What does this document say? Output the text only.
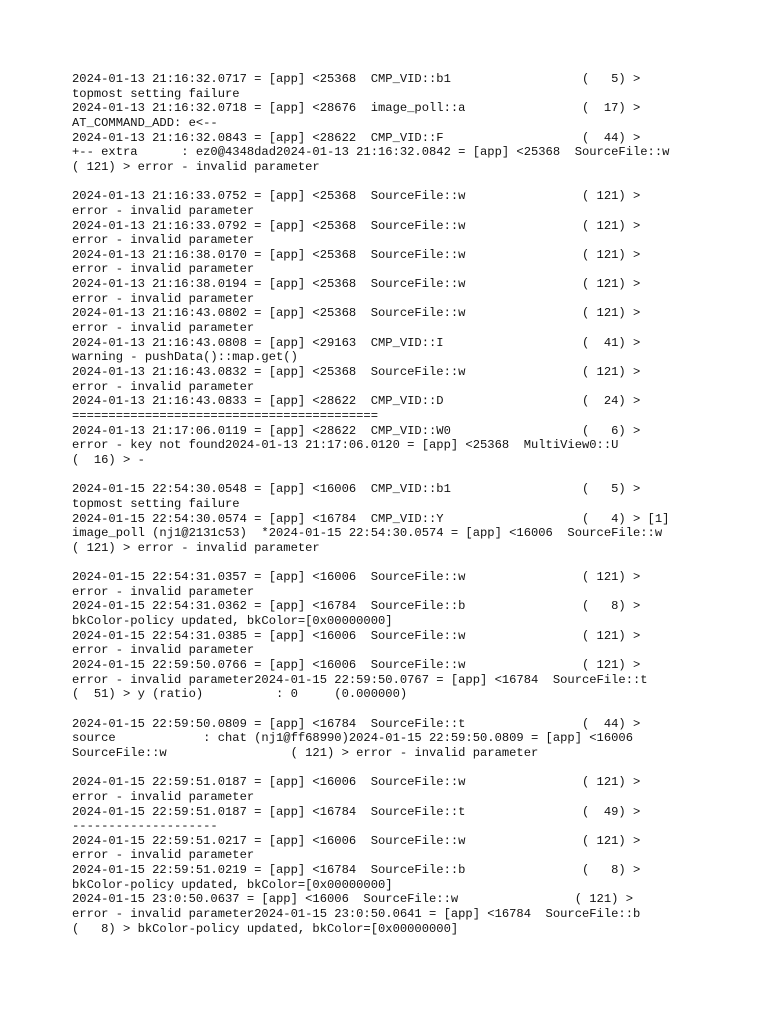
2024-01-13 21:16:32.0717 = [app] <25368  CMP_VID::b1                  (   5) >
topmost setting failure
2024-01-13 21:16:32.0718 = [app] <28676  image_poll::a                (  17) >
AT_COMMAND_ADD: e<--
2024-01-13 21:16:32.0843 = [app] <28622  CMP_VID::F                   (  44) >
+-- extra      : ez0@4348dad2024-01-13 21:16:32.0842 = [app] <25368  SourceFile::w
( 121) > error - invalid parameter
2024-01-13 21:16:33.0752 = [app] <25368  SourceFile::w                ( 121) >
error - invalid parameter
2024-01-13 21:16:33.0792 = [app] <25368  SourceFile::w                ( 121) >
error - invalid parameter
2024-01-13 21:16:38.0170 = [app] <25368  SourceFile::w                ( 121) >
error - invalid parameter
2024-01-13 21:16:38.0194 = [app] <25368  SourceFile::w                ( 121) >
error - invalid parameter
2024-01-13 21:16:43.0802 = [app] <25368  SourceFile::w                ( 121) >
error - invalid parameter
2024-01-13 21:16:43.0808 = [app] <29163  CMP_VID::I                   (  41) >
warning - pushData()::map.get()
2024-01-13 21:16:43.0832 = [app] <25368  SourceFile::w                ( 121) >
error - invalid parameter
2024-01-13 21:16:43.0833 = [app] <28622  CMP_VID::D                   (  24) >
==========================================
2024-01-13 21:17:06.0119 = [app] <28622  CMP_VID::W0                  (   6) >
error - key not found2024-01-13 21:17:06.0120 = [app] <25368  MultiView0::U
(  16) > -
2024-01-15 22:54:30.0548 = [app] <16006  CMP_VID::b1                  (   5) >
topmost setting failure
2024-01-15 22:54:30.0574 = [app] <16784  CMP_VID::Y                   (   4) > [1]
image_poll (nj1@2131c53)  *2024-01-15 22:54:30.0574 = [app] <16006  SourceFile::w
( 121) > error - invalid parameter
2024-01-15 22:54:31.0357 = [app] <16006  SourceFile::w                ( 121) >
error - invalid parameter
2024-01-15 22:54:31.0362 = [app] <16784  SourceFile::b                (   8) >
bkColor-policy updated, bkColor=[0x00000000]
2024-01-15 22:54:31.0385 = [app] <16006  SourceFile::w                ( 121) >
error - invalid parameter
2024-01-15 22:59:50.0766 = [app] <16006  SourceFile::w                ( 121) >
error - invalid parameter2024-01-15 22:59:50.0767 = [app] <16784  SourceFile::t
(  51) > y (ratio)          : 0     (0.000000)
2024-01-15 22:59:50.0809 = [app] <16784  SourceFile::t                (  44) >
source            : chat (nj1@ff68990)2024-01-15 22:59:50.0809 = [app] <16006
SourceFile::w                 ( 121) > error - invalid parameter
2024-01-15 22:59:51.0187 = [app] <16006  SourceFile::w                ( 121) >
error - invalid parameter
2024-01-15 22:59:51.0187 = [app] <16784  SourceFile::t                (  49) >
--------------------
2024-01-15 22:59:51.0217 = [app] <16006  SourceFile::w                ( 121) >
error - invalid parameter
2024-01-15 22:59:51.0219 = [app] <16784  SourceFile::b                (   8) >
bkColor-policy updated, bkColor=[0x00000000]
2024-01-15 23:0:50.0637 = [app] <16006  SourceFile::w                ( 121) >
error - invalid parameter2024-01-15 23:0:50.0641 = [app] <16784  SourceFile::b
(   8) > bkColor-policy updated, bkColor=[0x00000000]
